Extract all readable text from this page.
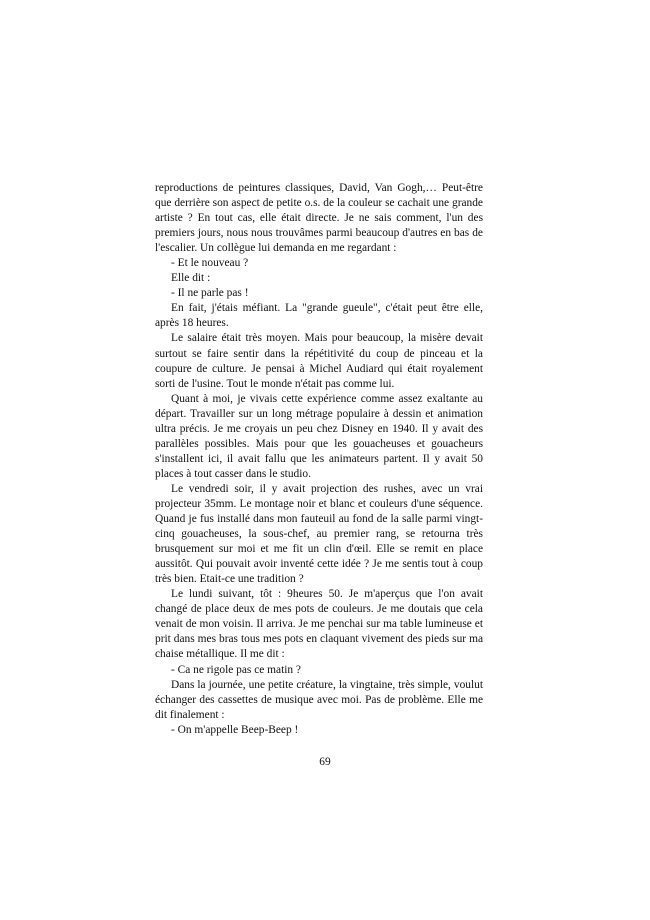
reproductions de peintures classiques, David, Van Gogh,… Peut-être que derrière son aspect de petite o.s. de la couleur se cachait une grande artiste ? En tout cas, elle était directe. Je ne sais comment, l'un des premiers jours, nous nous trouvâmes parmi beaucoup d'autres en bas de l'escalier. Un collègue lui demanda en me regardant :

- Et le nouveau ?

Elle dit :

- Il ne parle pas !

En fait, j'étais méfiant. La "grande gueule", c'était peut être elle, après 18 heures.

Le salaire était très moyen. Mais pour beaucoup, la misère devait surtout se faire sentir dans la répétitivité du coup de pinceau et la coupure de culture. Je pensai à Michel Audiard qui était royalement sorti de l'usine. Tout le monde n'était pas comme lui.

Quant à moi, je vivais cette expérience comme assez exaltante au départ. Travailler sur un long métrage populaire à dessin et animation ultra précis. Je me croyais un peu chez Disney en 1940. Il y avait des parallèles possibles. Mais pour que les gouacheuses et gouacheurs s'installent ici, il avait fallu que les animateurs partent. Il y avait 50 places à tout casser dans le studio.

Le vendredi soir, il y avait projection des rushes, avec un vrai projecteur 35mm. Le montage noir et blanc et couleurs d'une séquence. Quand je fus installé dans mon fauteuil au fond de la salle parmi vingt-cinq gouacheuses, la sous-chef, au premier rang, se retourna très brusquement sur moi et me fit un clin d'œil. Elle se remit en place aussitôt. Qui pouvait avoir inventé cette idée ? Je me sentis tout à coup très bien. Etait-ce une tradition ?

Le lundi suivant, tôt : 9heures 50. Je m'aperçus que l'on avait changé de place deux de mes pots de couleurs. Je me doutais que cela venait de mon voisin. Il arriva. Je me penchai sur ma table lumineuse et prit dans mes bras tous mes pots en claquant vivement des pieds sur ma chaise métallique. Il me dit :

- Ca ne rigole pas ce matin ?

Dans la journée, une petite créature, la vingtaine, très simple, voulut échanger des cassettes de musique avec moi. Pas de problème. Elle me dit finalement :

- On m'appelle Beep-Beep !

69
